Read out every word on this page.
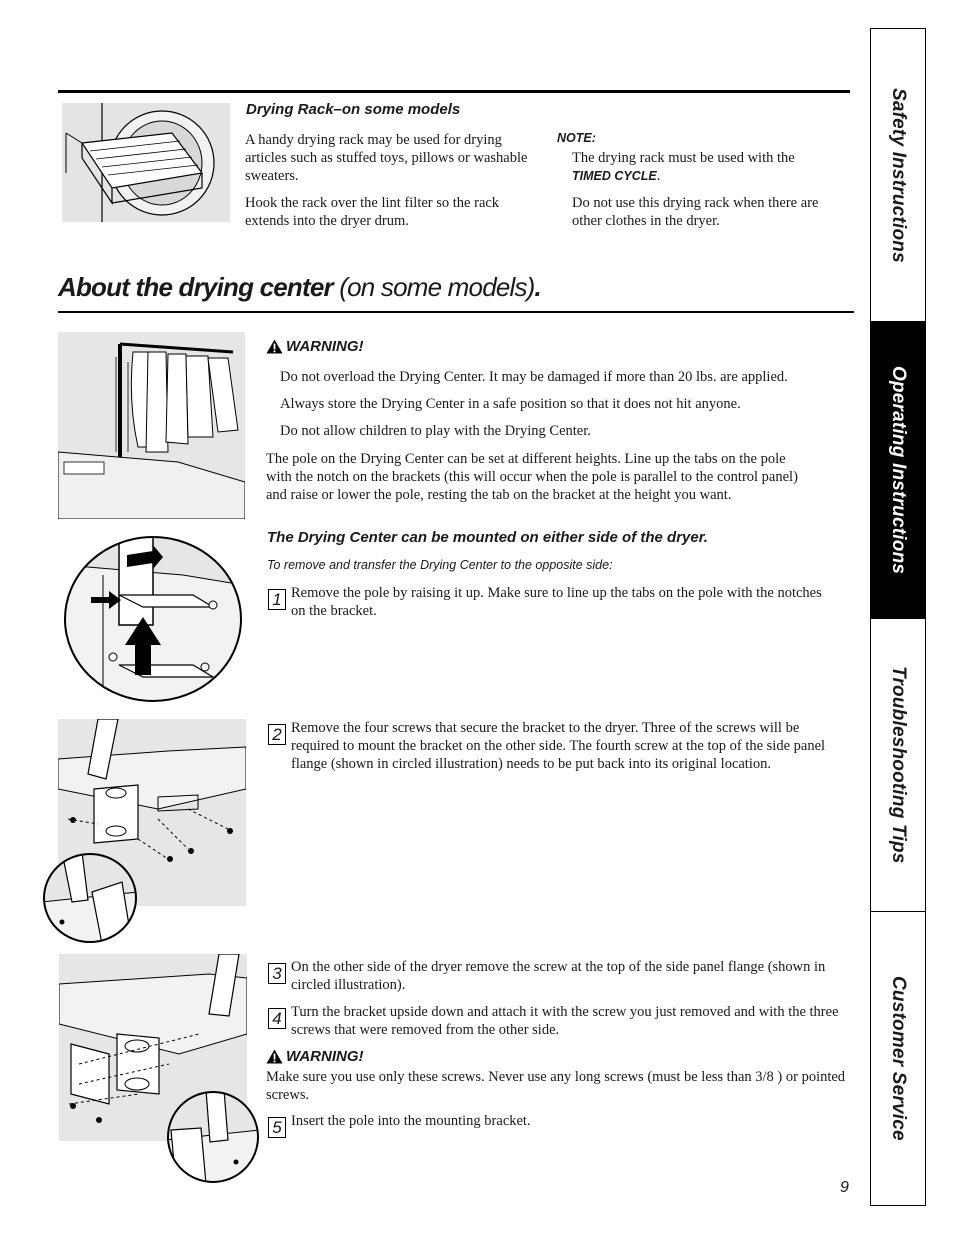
Drying Rack–on some models

A handy drying rack may be used for drying articles such as stuffed toys, pillows or washable sweaters.

Hook the rack over the lint filter so the rack extends into the dryer drum.

NOTE:

The drying rack must be used with the
TIMED CYCLE.

Do not use this drying rack when there are other clothes in the dryer.

About the drying center (on some models).
WARNING!

Do not overload the Drying Center. It may be damaged if more than 20 lbs. are applied.

Always store the Drying Center in a safe position so that it does not hit anyone.

Do not allow children to play with the Drying Center.

The pole on the Drying Center can be set at different heights. Line up the tabs on the pole with the notch on the brackets (this will occur when the pole is parallel to the control panel) and raise or lower the pole, resting the tab on the bracket at the height you want.

The Drying Center can be mounted on either side of the dryer.
To remove and transfer the Drying Center to the opposite side:
1 Remove the pole by raising it up. Make sure to line up the tabs on the pole with the notches on the bracket.

2 Remove the four screws that secure the bracket to the dryer. Three of the screws will be required to mount the bracket on the other side. The fourth screw at the top of the side panel flange (shown in circled illustration) needs to be put back into its original location.

3 On the other side of the dryer remove the screw at the top of the side panel flange (shown in circled illustration).

4 Turn the bracket upside down and attach it with the screw you just removed and with the three screws that were removed from the other side.

WARNING!

Make sure you use only these screws. Never use any long screws (must be less than 3/8 ) or pointed screws.

5 Insert the pole into the mounting bracket.

9
Safety Instructions
Operating Instructions
Troubleshooting Tips
Customer Service
